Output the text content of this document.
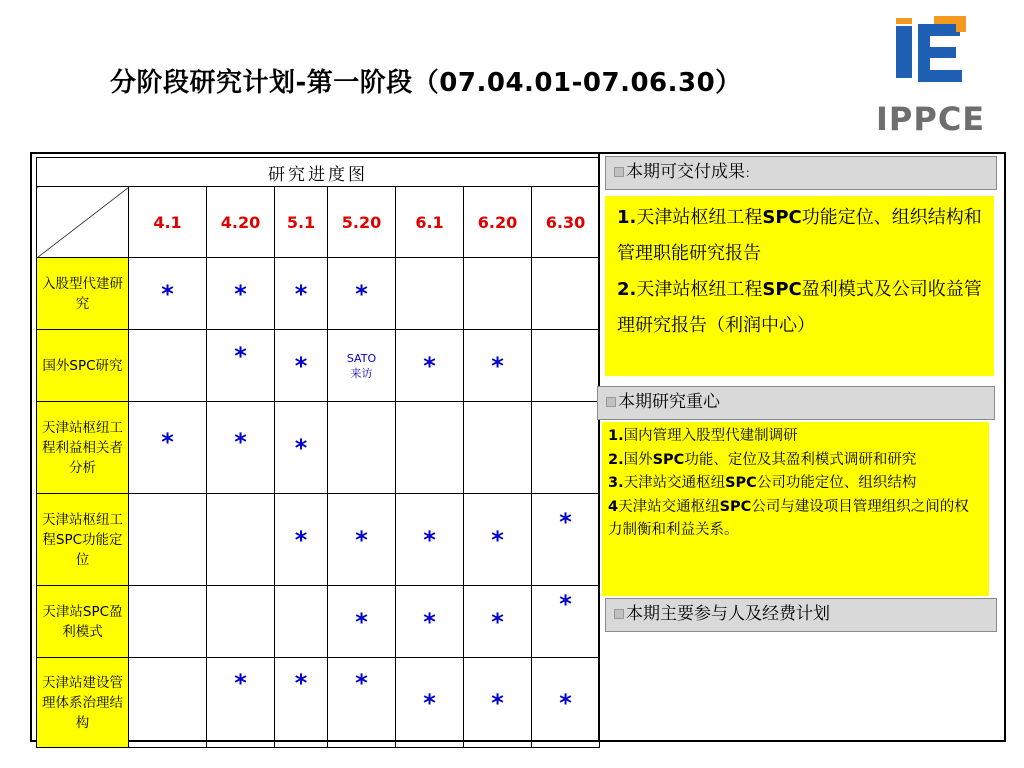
分阶段研究计划-第一阶段（07.04.01-07.06.30）
IPPCE
研究进度图							
	4.1	4.20	5.1	5.20	6.1	6.20	6.30
入股型代建研究	*	*	*	*			
国外SPC研究		*	*	SATO来访	*	*	
天津站枢纽工程利益相关者分析	*	*	*				
天津站枢纽工程SPC功能定位			*	*	*	*	*
天津站SPC盈利模式				*	*	*	*
天津站建设管理体系治理结构		*	*	*	*	*	*
本期可交付成果：
1.天津站枢纽工程SPC功能定位、组织结构和管理职能研究报告
2.天津站枢纽工程SPC盈利模式及公司收益管理研究报告（利润中心）
本期研究重心
1.国内管理入股型代建制调研
2.国外SPC功能、定位及其盈利模式调研和研究
3.天津站交通枢纽SPC公司功能定位、组织结构
4天津站交通枢纽SPC公司与建设项目管理组织之间的权力制衡和利益关系。
本期主要参与人及经费计划
